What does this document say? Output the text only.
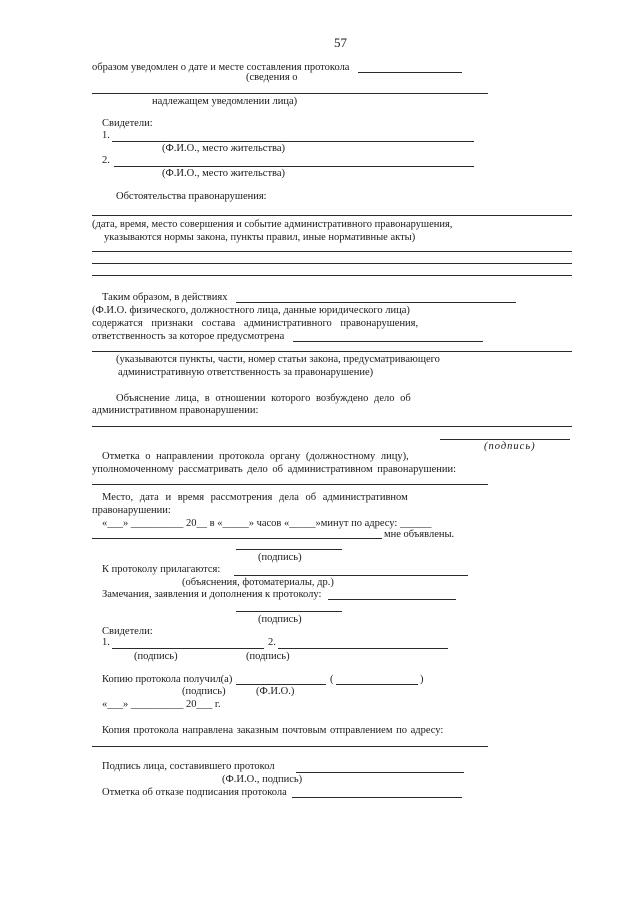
57
образом уведомлен о дате и месте составления протокола
(сведения о
надлежащем уведомлении лица)
Свидетели:
1.
(Ф.И.О., место жительства)
2.
(Ф.И.О., место жительства)
Обстоятельства правонарушения:
(дата, время, место совершения и событие административного правонарушения,
указываются нормы закона, пункты правил, иные нормативные акты)
Таким образом, в действиях
(Ф.И.О. физического, должностного лица, данные юридического лица)
содержатся признаки состава административного правонарушения,
ответственность за которое предусмотрена
(указываются пункты, части, номер статьи закона, предусматривающего
административную ответственность за правонарушение)
Объяснение лица, в отношении которого возбуждено дело об
административном правонарушении:
(подпись)
Отметка о направлении протокола органу (должностному лицу),
уполномоченному рассматривать дело об административном правонарушении:
Место, дата и время рассмотрения дела об административном
правонарушении:
«___» __________ 20__ в «_____» часов «_____»минут по адресу: ______
мне объявлены.
(подпись)
К протоколу прилагаются:
(объяснения, фотоматериалы, др.)
Замечания, заявления и дополнения к протоколу:
(подпись)
Свидетели:
1.	2.
(подпись)	(подпись)
Копию протокола получил(а)	(	)
(подпись)	(Ф.И.О.)
«___» __________ 20___ г.
Копия протокола направлена заказным почтовым отправлением по адресу:
Подпись лица, составившего протокол
(Ф.И.О., подпись)
Отметка об отказе подписания протокола
